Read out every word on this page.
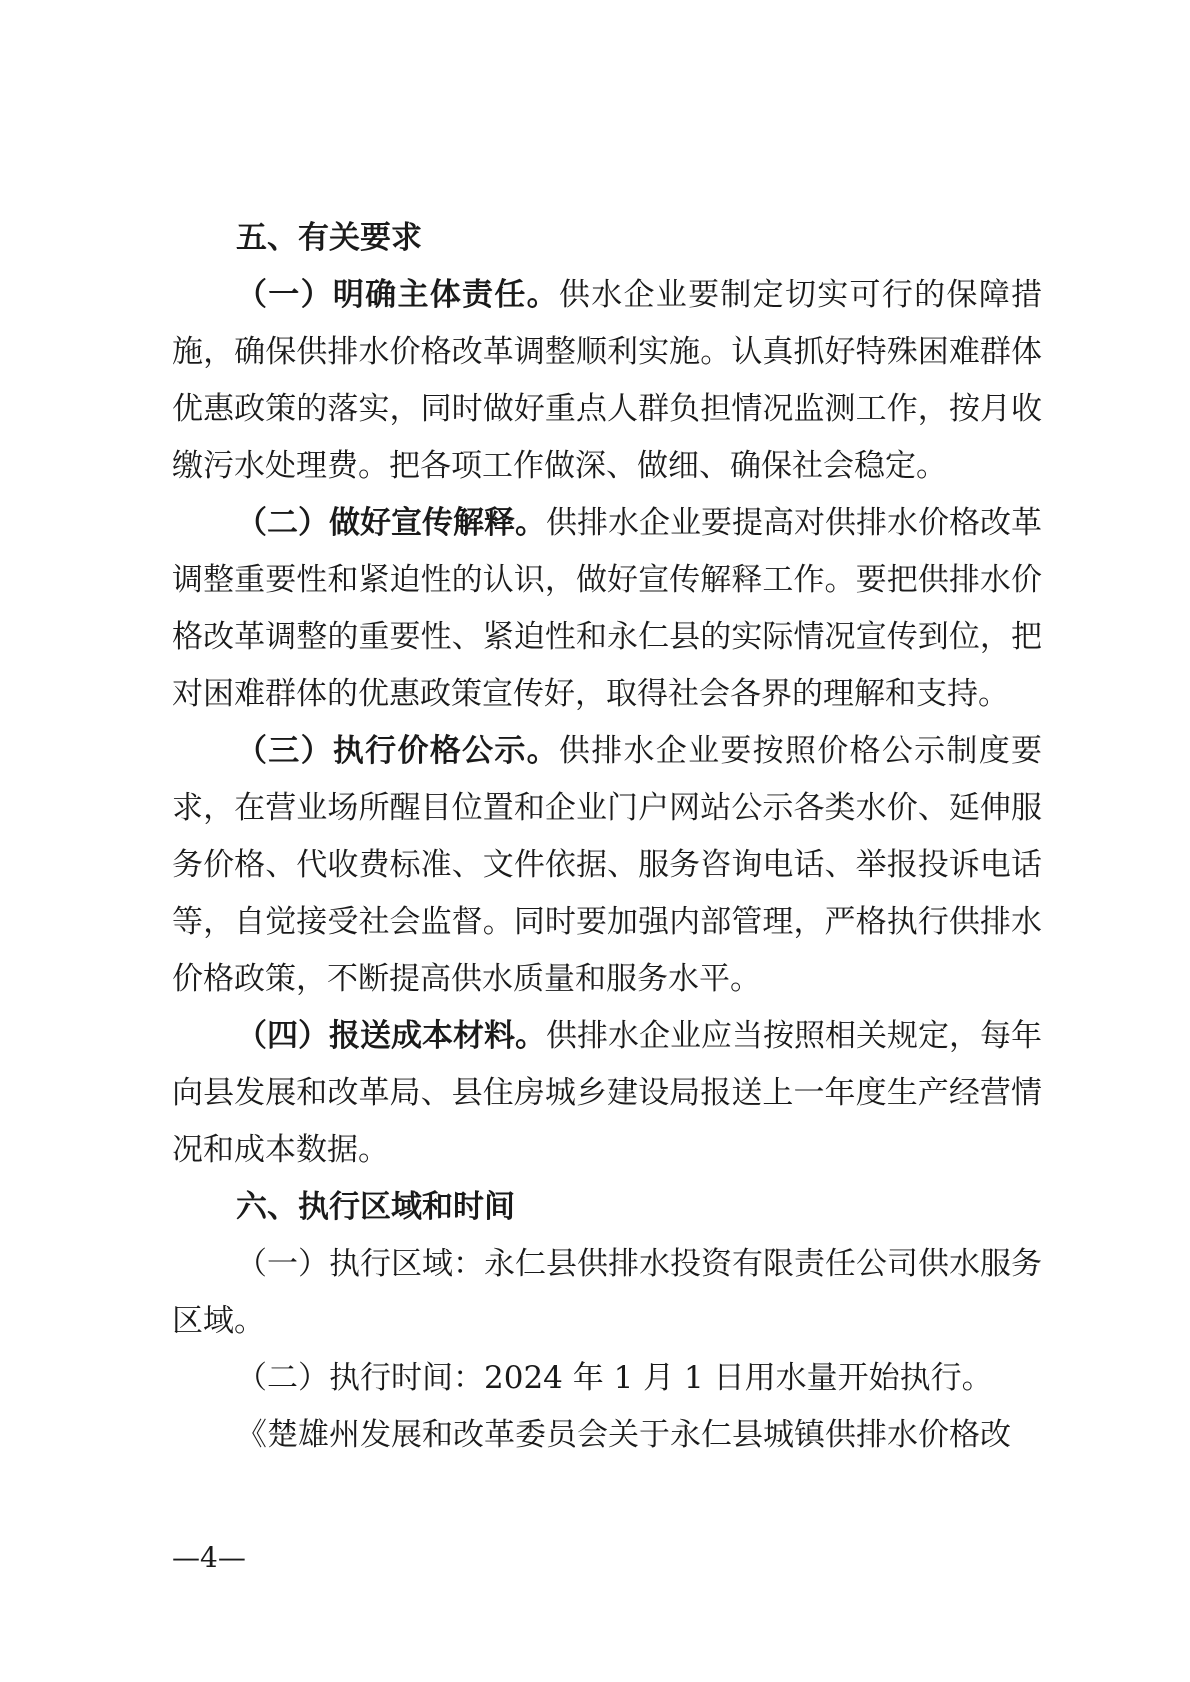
五、有关要求

（一）明确主体责任。供水企业要制定切实可行的保障措施，确保供排水价格改革调整顺利实施。认真抓好特殊困难群体优惠政策的落实，同时做好重点人群负担情况监测工作，按月收缴污水处理费。把各项工作做深、做细、确保社会稳定。

（二）做好宣传解释。供排水企业要提高对供排水价格改革调整重要性和紧迫性的认识，做好宣传解释工作。要把供排水价格改革调整的重要性、紧迫性和永仁县的实际情况宣传到位，把对困难群体的优惠政策宣传好，取得社会各界的理解和支持。

（三）执行价格公示。供排水企业要按照价格公示制度要求，在营业场所醒目位置和企业门户网站公示各类水价、延伸服务价格、代收费标准、文件依据、服务咨询电话、举报投诉电话等，自觉接受社会监督。同时要加强内部管理，严格执行供排水价格政策，不断提高供水质量和服务水平。

（四）报送成本材料。供排水企业应当按照相关规定，每年向县发展和改革局、县住房城乡建设局报送上一年度生产经营情况和成本数据。

六、执行区域和时间

（一）执行区域：永仁县供排水投资有限责任公司供水服务区域。

（二）执行时间：2024 年 1 月 1 日用水量开始执行。

《楚雄州发展和改革委员会关于永仁县城镇供排水价格改

—4—
